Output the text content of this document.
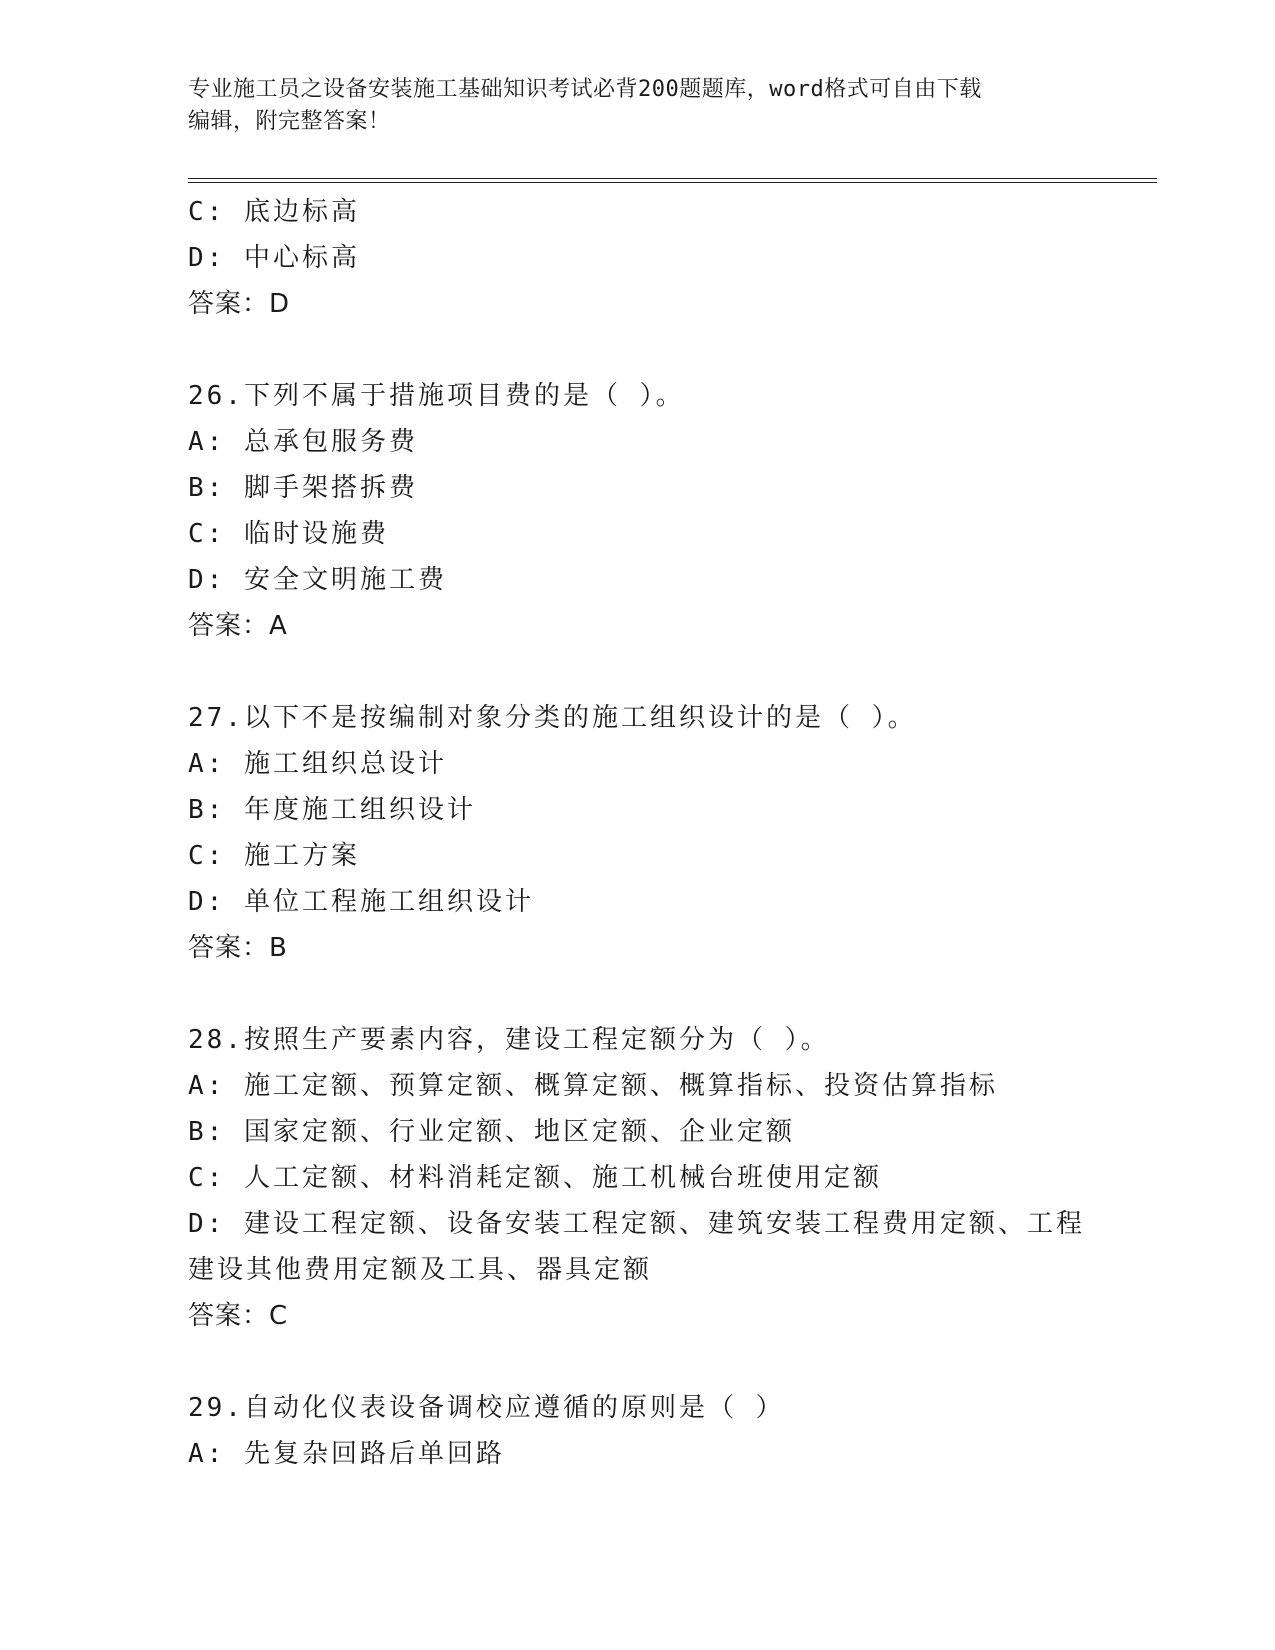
专业施工员之设备安装施工基础知识考试必背200题题库，word格式可自由下载
编辑，附完整答案！
C: 底边标高
D: 中心标高
答案：D
26.下列不属于措施项目费的是（ ）。
A: 总承包服务费
B: 脚手架搭拆费
C: 临时设施费
D: 安全文明施工费
答案：A
27.以下不是按编制对象分类的施工组织设计的是（ ）。
A: 施工组织总设计
B: 年度施工组织设计
C: 施工方案
D: 单位工程施工组织设计
答案：B
28.按照生产要素内容，建设工程定额分为（ ）。
A: 施工定额、预算定额、概算定额、概算指标、投资估算指标
B: 国家定额、行业定额、地区定额、企业定额
C: 人工定额、材料消耗定额、施工机械台班使用定额
D: 建设工程定额、设备安装工程定额、建筑安装工程费用定额、工程
建设其他费用定额及工具、器具定额
答案：C
29.自动化仪表设备调校应遵循的原则是（ ）
A: 先复杂回路后单回路
